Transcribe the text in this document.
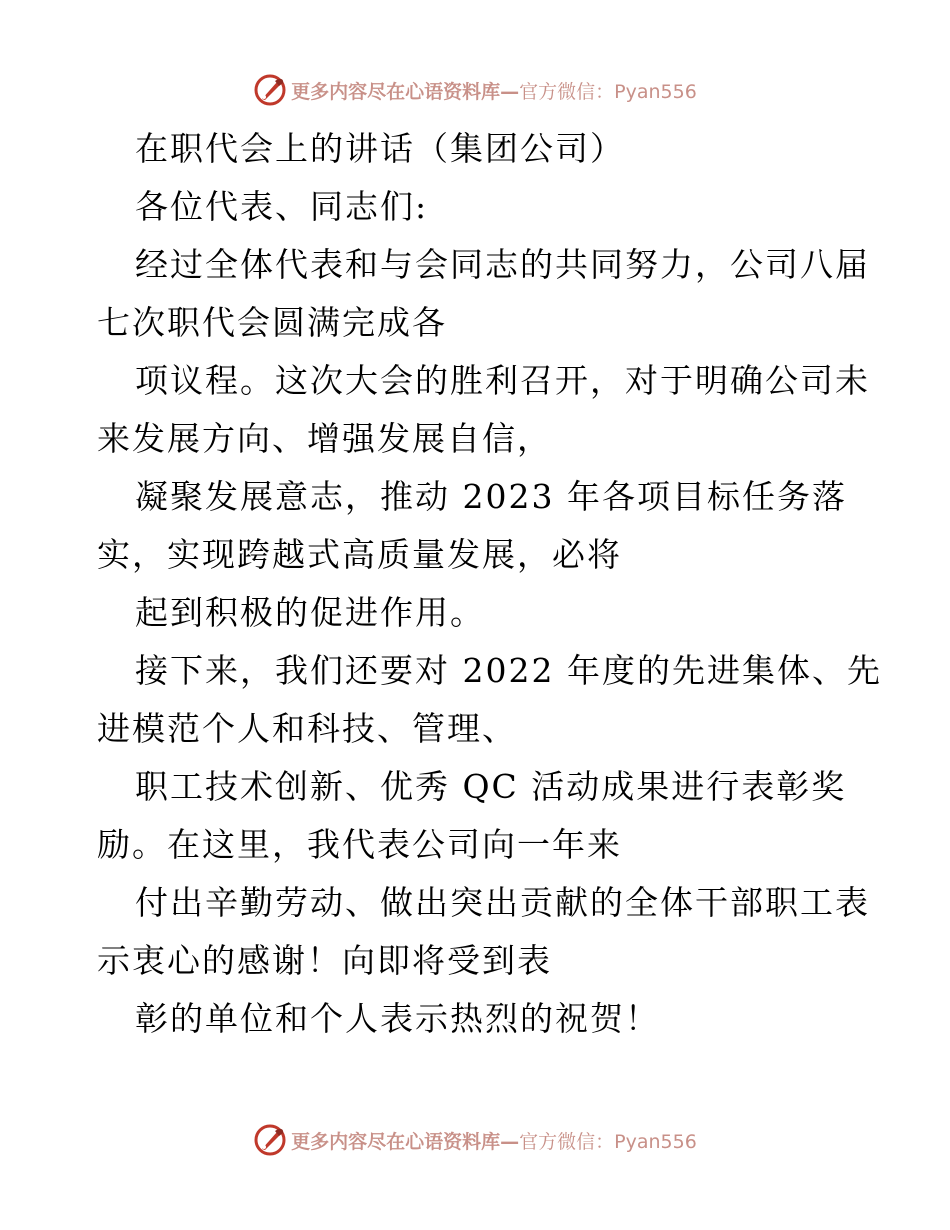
更多内容尽在心语资料库—官方微信：Pyan556
在职代会上的讲话（集团公司）
各位代表、同志们:
经过全体代表和与会同志的共同努力，公司八届
七次职代会圆满完成各
项议程。这次大会的胜利召开，对于明确公司未
来发展方向、增强发展自信，
凝聚发展意志，推动 2023 年各项目标任务落
实，实现跨越式高质量发展，必将
起到积极的促进作用。
接下来，我们还要对 2022 年度的先进集体、先
进模范个人和科技、管理、
职工技术创新、优秀 QC 活动成果进行表彰奖
励。在这里，我代表公司向一年来
付出辛勤劳动、做出突出贡献的全体干部职工表
示衷心的感谢！向即将受到表
彰的单位和个人表示热烈的祝贺！
更多内容尽在心语资料库—官方微信：Pyan556
